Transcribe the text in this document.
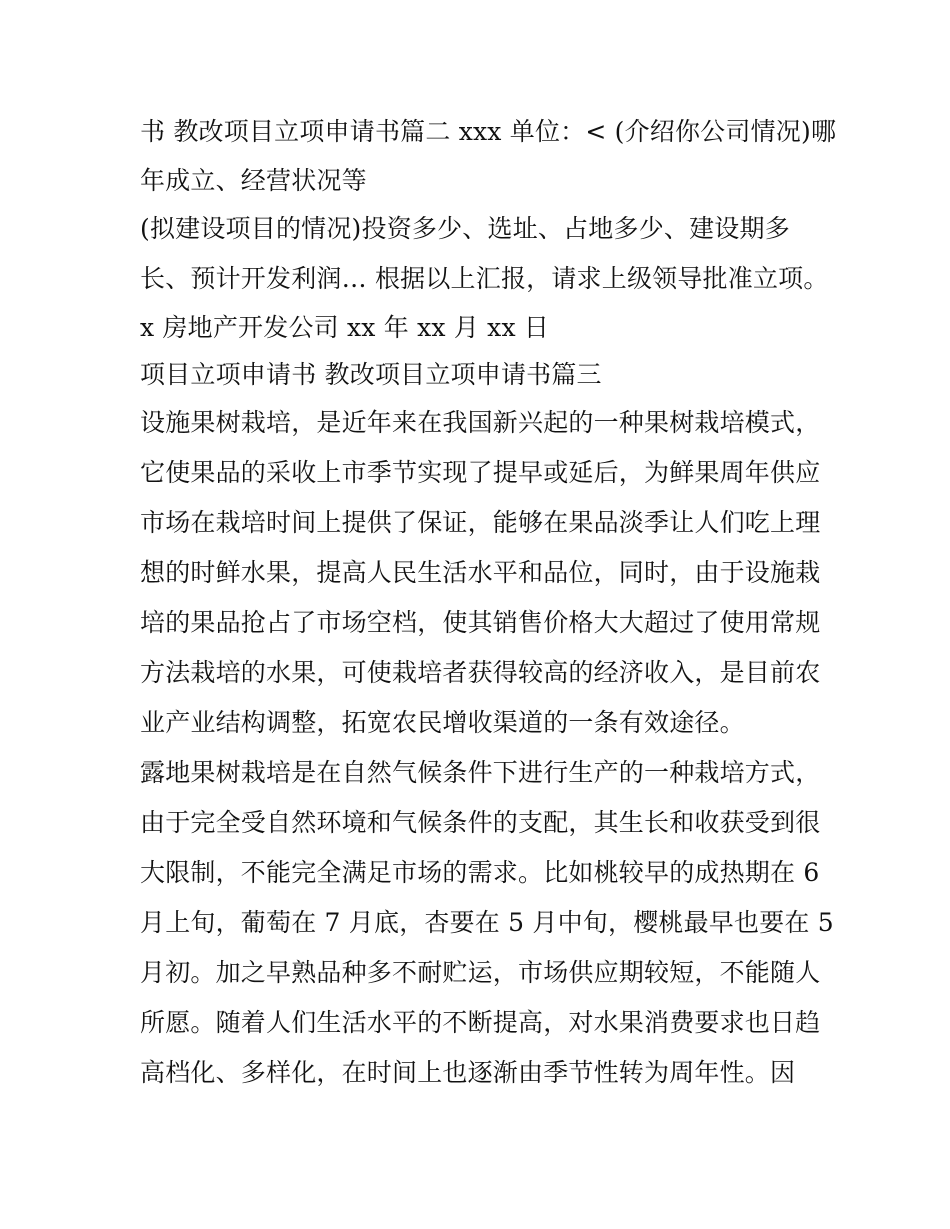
书 教改项目立项申请书篇二 xxx 单位：< (介绍你公司情况)哪
年成立、经营状况等
(拟建设项目的情况)投资多少、选址、占地多少、建设期多
长、预计开发利润… 根据以上汇报，请求上级领导批准立项。
x 房地产开发公司 xx 年 xx 月 xx 日
项目立项申请书 教改项目立项申请书篇三
设施果树栽培，是近年来在我国新兴起的一种果树栽培模式，
它使果品的采收上市季节实现了提早或延后，为鲜果周年供应
市场在栽培时间上提供了保证，能够在果品淡季让人们吃上理
想的时鲜水果，提高人民生活水平和品位，同时，由于设施栽
培的果品抢占了市场空档，使其销售价格大大超过了使用常规
方法栽培的水果，可使栽培者获得较高的经济收入，是目前农
业产业结构调整，拓宽农民增收渠道的一条有效途径。
露地果树栽培是在自然气候条件下进行生产的一种栽培方式，
由于完全受自然环境和气候条件的支配，其生长和收获受到很
大限制，不能完全满足市场的需求。比如桃较早的成热期在 6
月上旬，葡萄在 7 月底，杏要在 5 月中旬，樱桃最早也要在 5
月初。加之早熟品种多不耐贮运，市场供应期较短，不能随人
所愿。随着人们生活水平的不断提高，对水果消费要求也日趋
高档化、多样化，在时间上也逐渐由季节性转为周年性。因
